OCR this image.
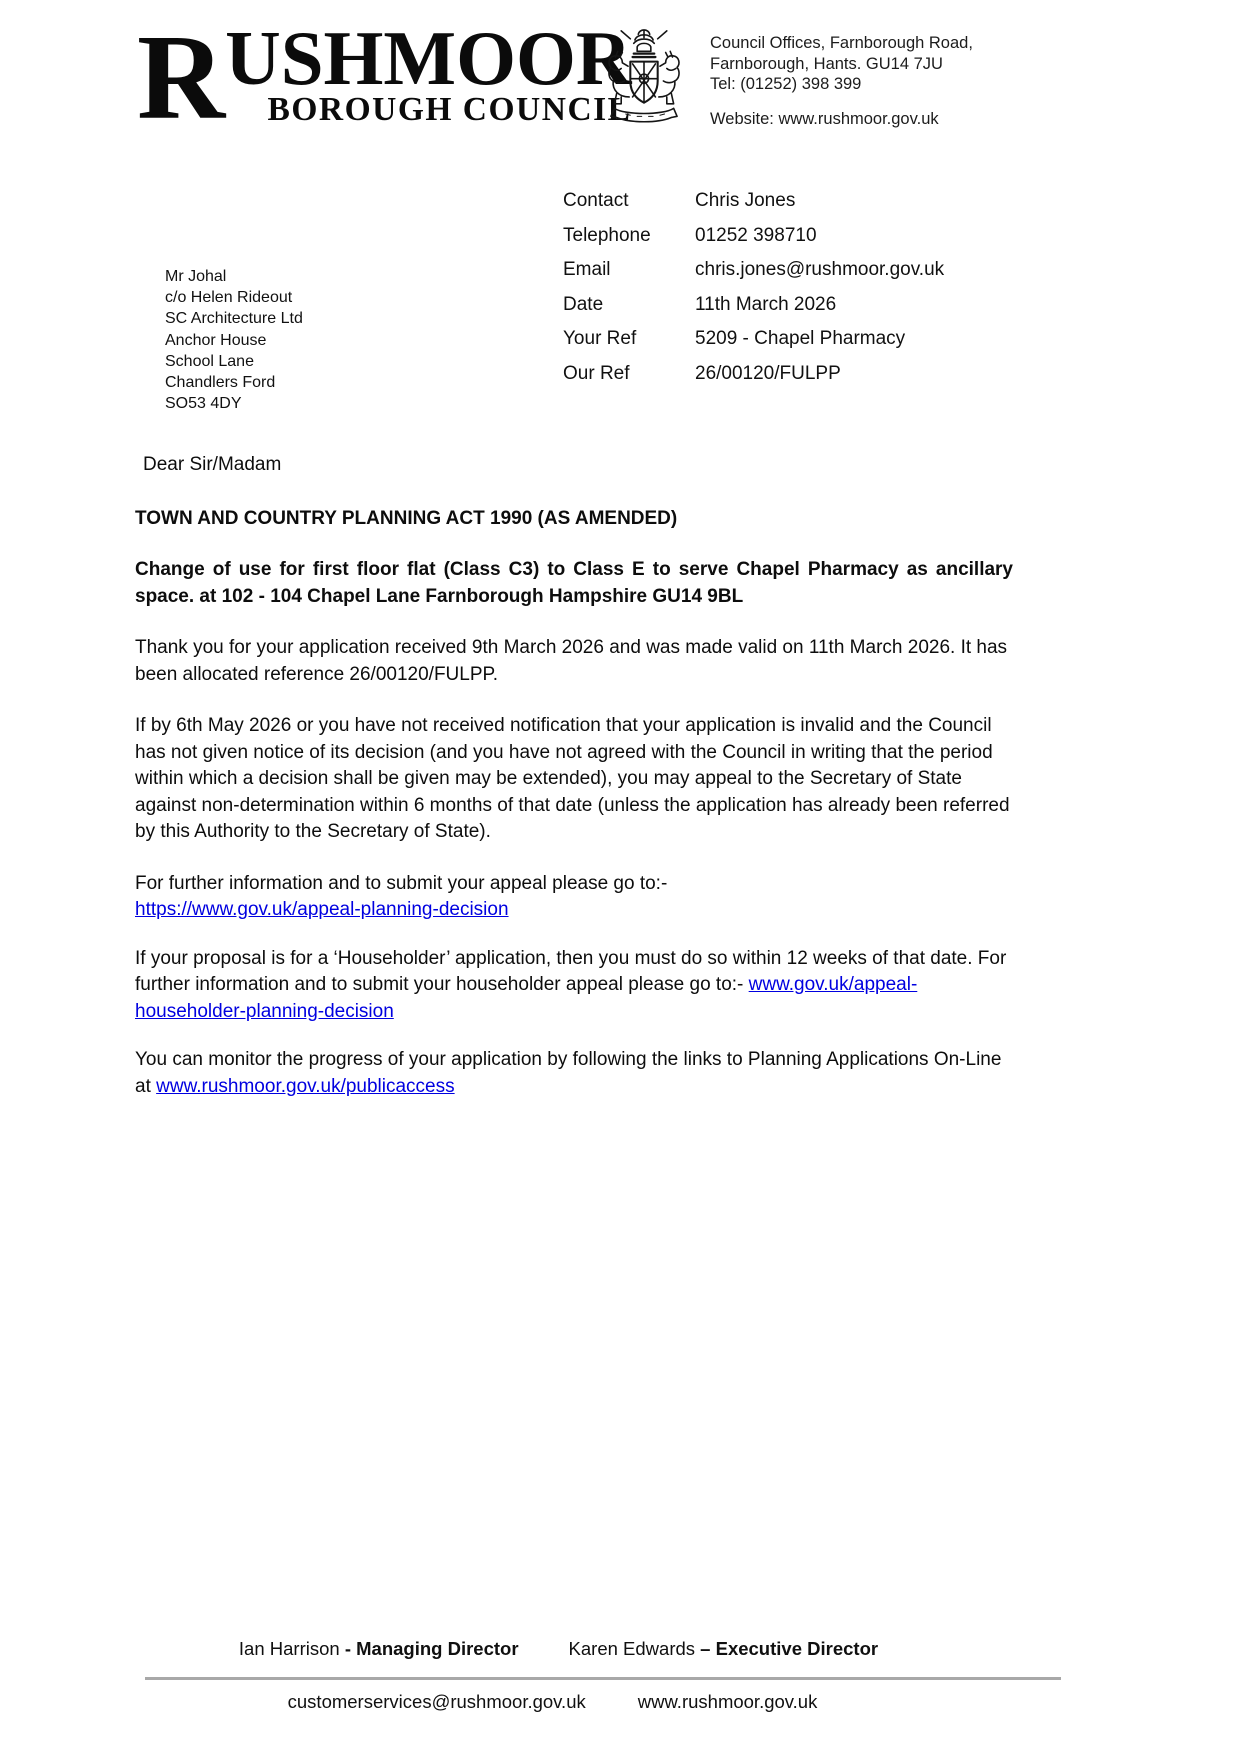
R USHMOOR
BOROUGH COUNCIL
Council Offices, Farnborough Road,
Farnborough, Hants. GU14 7JU
Tel: (01252) 398 399
Website: www.rushmoor.gov.uk
Mr Johal
c/o Helen Rideout
SC Architecture Ltd
Anchor House
School Lane
Chandlers Ford
SO53 4DY
Contact	Chris Jones
Telephone	01252 398710
Email	chris.jones@rushmoor.gov.uk
Date	11th March 2026
Your Ref	5209 - Chapel Pharmacy
Our Ref	26/00120/FULPP
Dear Sir/Madam
TOWN AND COUNTRY PLANNING ACT 1990 (AS AMENDED)
Change of use for first floor flat (Class C3) to Class E to serve Chapel Pharmacy as ancillary space. at 102 - 104 Chapel Lane Farnborough Hampshire GU14 9BL

Thank you for your application received 9th March 2026 and was made valid on 11th March 2026. It has been allocated reference 26/00120/FULPP.

If by 6th May 2026 or you have not received notification that your application is invalid and the Council has not given notice of its decision (and you have not agreed with the Council in writing that the period within which a decision shall be given may be extended), you may appeal to the Secretary of State against non-determination within 6 months of that date (unless the application has already been referred by this Authority to the Secretary of State).

For further information and to submit your appeal please go to:-
https://www.gov.uk/appeal-planning-decision

If your proposal is for a ‘Householder’ application, then you must do so within 12 weeks of that date. For further information and to submit your householder appeal please go to:- www.gov.uk/appeal-householder-planning-decision

You can monitor the progress of your application by following the links to Planning Applications On-Line at www.rushmoor.gov.uk/publicaccess

Ian Harrison - Managing Director	Karen Edwards – Executive Director
customerservices@rushmoor.gov.uk	www.rushmoor.gov.uk
